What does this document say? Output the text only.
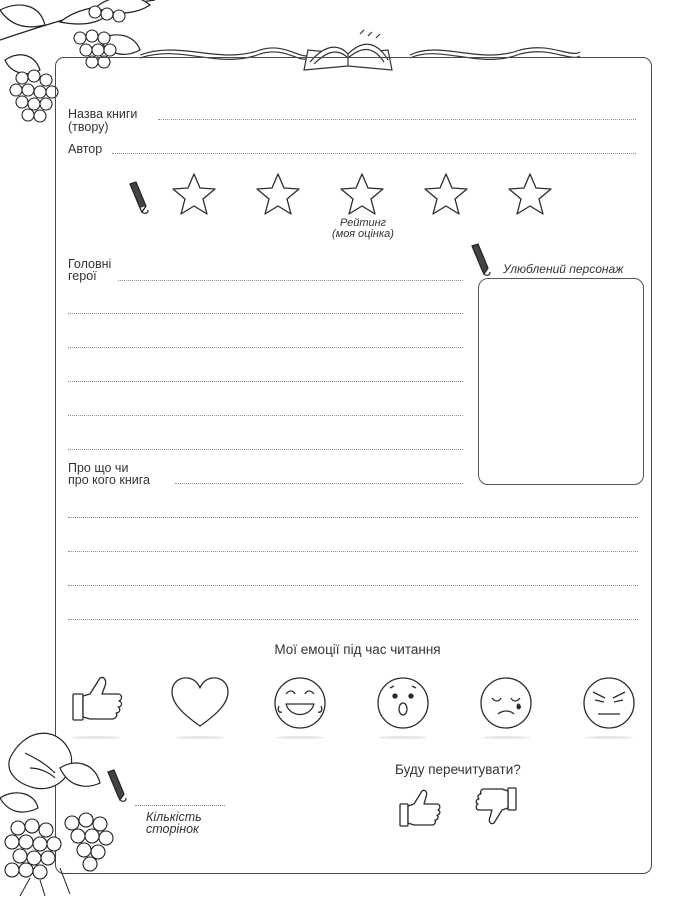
Назва книги
(твору)
Автор
Рейтинг
(моя оцінка)
Головні
герої	Улюблений персонаж
Про що чи
про кого книга
Мої емоції під час читання
Буду перечитувати?
Кількість
сторінок
